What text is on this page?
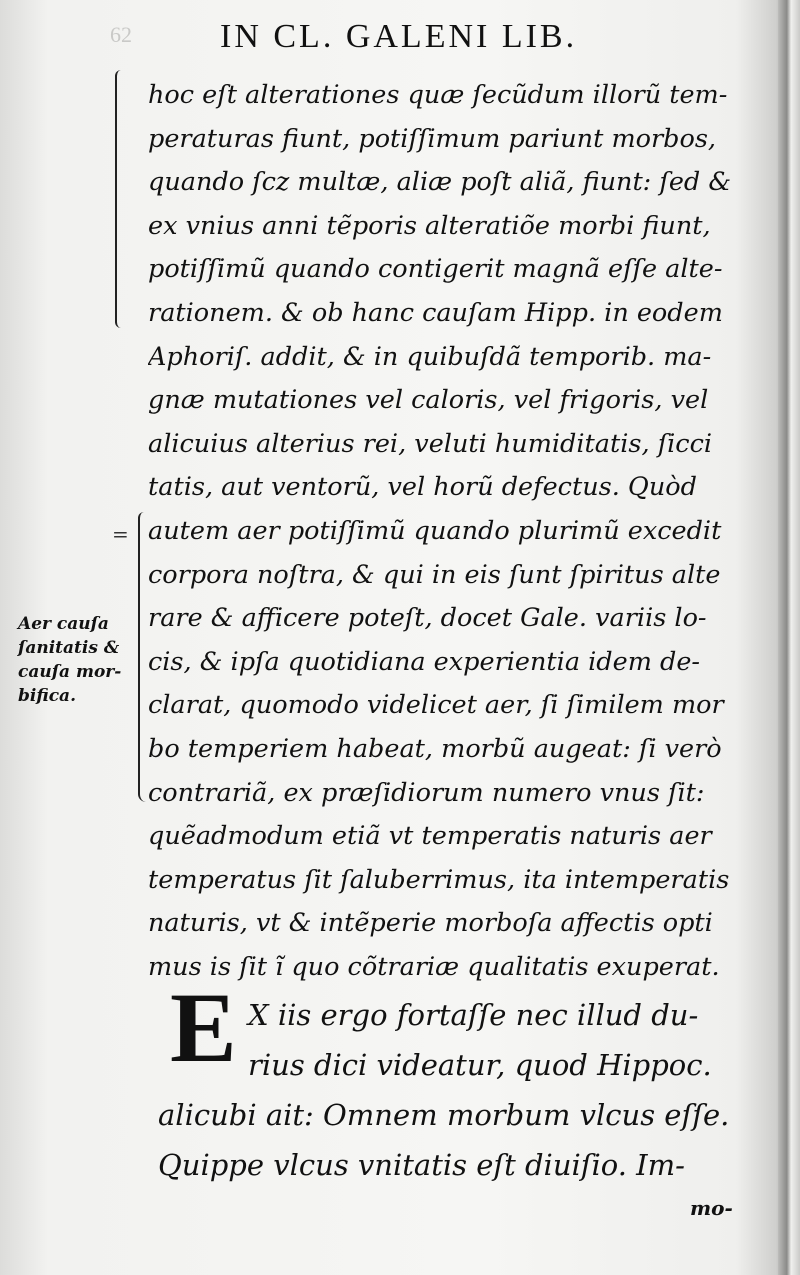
62	IN CL. GALENI LIB.
=
hoc eſt alterationes quæ ſecũdum illorũ tem-
peraturas fiunt, potiſſimum pariunt morbos,
quando ſcz multæ, aliæ poſt aliã, fiunt: ſed &
ex vnius anni tẽporis alteratiõe morbi fiunt,
potiſſimũ quando contigerit magnã eſſe alte-
rationem. & ob hanc cauſam Hipp. in eodem
Aphoriſ. addit, & in quibuſdã temporib. ma-
gnæ mutationes vel caloris, vel frigoris, vel
alicuius alterius rei, veluti humiditatis, ſicci
tatis, aut ventorũ, vel horũ defectus. Quòd
autem aer potiſſimũ quando plurimũ excedit
corpora noſtra, & qui in eis ſunt ſpiritus alte
rare & afficere poteſt, docet Gale. variis lo-
cis, & ipſa quotidiana experientia idem de-
clarat, quomodo videlicet aer, ſi ſimilem mor
bo temperiem habeat, morbũ augeat: ſi verò
contrariã, ex præſidiorum numero vnus ſit:
quẽadmodum etiã vt temperatis naturis aer
temperatus ſit ſaluberrimus, ita intemperatis
naturis, vt & intẽperie morboſa affectis opti
mus is ſit ĩ quo cõtrariæ qualitatis exuperat.
Aer cauſa
ſanitatis &
cauſa mor-
bifica.
E X iis ergo fortaſſe nec illud du-
rius dici videatur, quod Hippoc.
alicubi ait: Omnem morbum vlcus eſſe.
Quippe vlcus vnitatis eſt diuiſio. Im-
mo-
